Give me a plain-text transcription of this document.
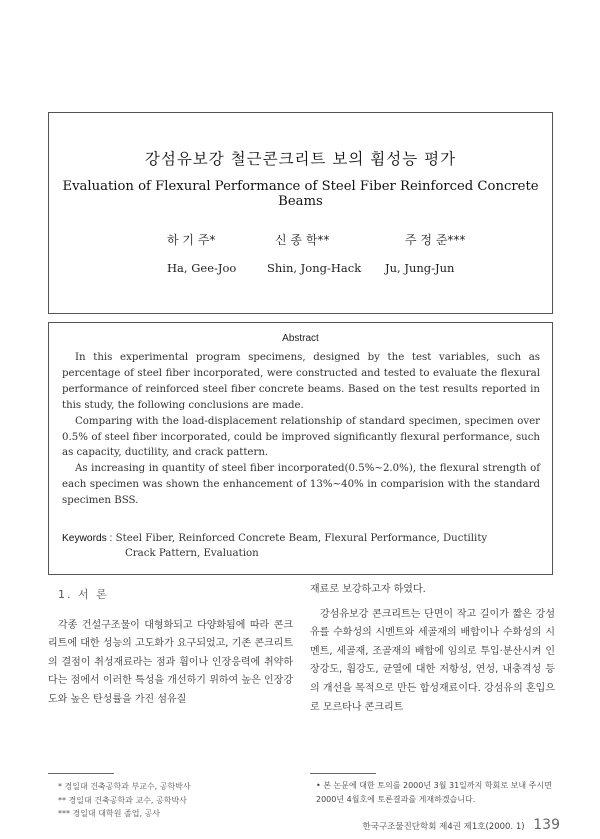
강섬유보강 철근콘크리트 보의 휨성능 평가
Evaluation of Flexural Performance of Steel Fiber Reinforced Concrete Beams
하 기 주*	신 종 학**	주 정 준***
Ha, Gee-Joo	Shin, Jong-Hack Ju, Jung-Jun
Abstract

In this experimental program specimens, designed by the test variables, such as percentage of steel fiber incorporated, were constructed and tested to evaluate the flexural performance of reinforced steel fiber concrete beams. Based on the test results reported in this study, the following conclusions are made.

Comparing with the load-displacement relationship of standard specimen, specimen over 0.5% of steel fiber incorporated, could be improved significantly flexural performance, such as capacity, ductility, and crack pattern.

As increasing in quantity of steel fiber incorporated(0.5%~2.0%), the flexural strength of each specimen was shown the enhancement of 13%~40% in comparision with the standard specimen BSS.

Keywords : Steel Fiber, Reinforced Concrete Beam, Flexural Performance, Ductility
Crack Pattern, Evaluation
1. 서 론

각종 건설구조물이 대형화되고 다양화됨에 따라 콘크리트에 대한 성능의 고도화가 요구되었고, 기존 콘크리트의 결점이 취성재료라는 점과 휨이나 인장응력에 취약하다는 점에서 이러한 특성을 개선하기 위하여 높은 인장강도와 높은 탄성률을 가진 섬유질

재료로 보강하고자 하였다.

강섬유보강 콘크리트는 단면이 작고 길이가 짧은 강섬유를 수화성의 시멘트와 세골재의 배합이나 수화성의 시멘트, 세골재, 조골재의 배합에 임의로 투입·분산시켜 인장강도, 휨강도, 균열에 대한 저항성, 연성, 내충격성 등의 개선을 목적으로 만든 합성재료이다. 강섬유의 혼입으로 모르타나 콘크리트

* 경일대 건축공학과 부교수, 공학박사
** 경일대 건축공학과 교수, 공학박사
*** 경일대 대학원 졸업, 공사
• 본 논문에 대한 토의를 2000년 3월 31일까지 학회로 보내 주시면 2000년 4월호에 토론결과를 게재하겠습니다.
한국구조물진단학회 제4권 제1호(2000. 1) 139
